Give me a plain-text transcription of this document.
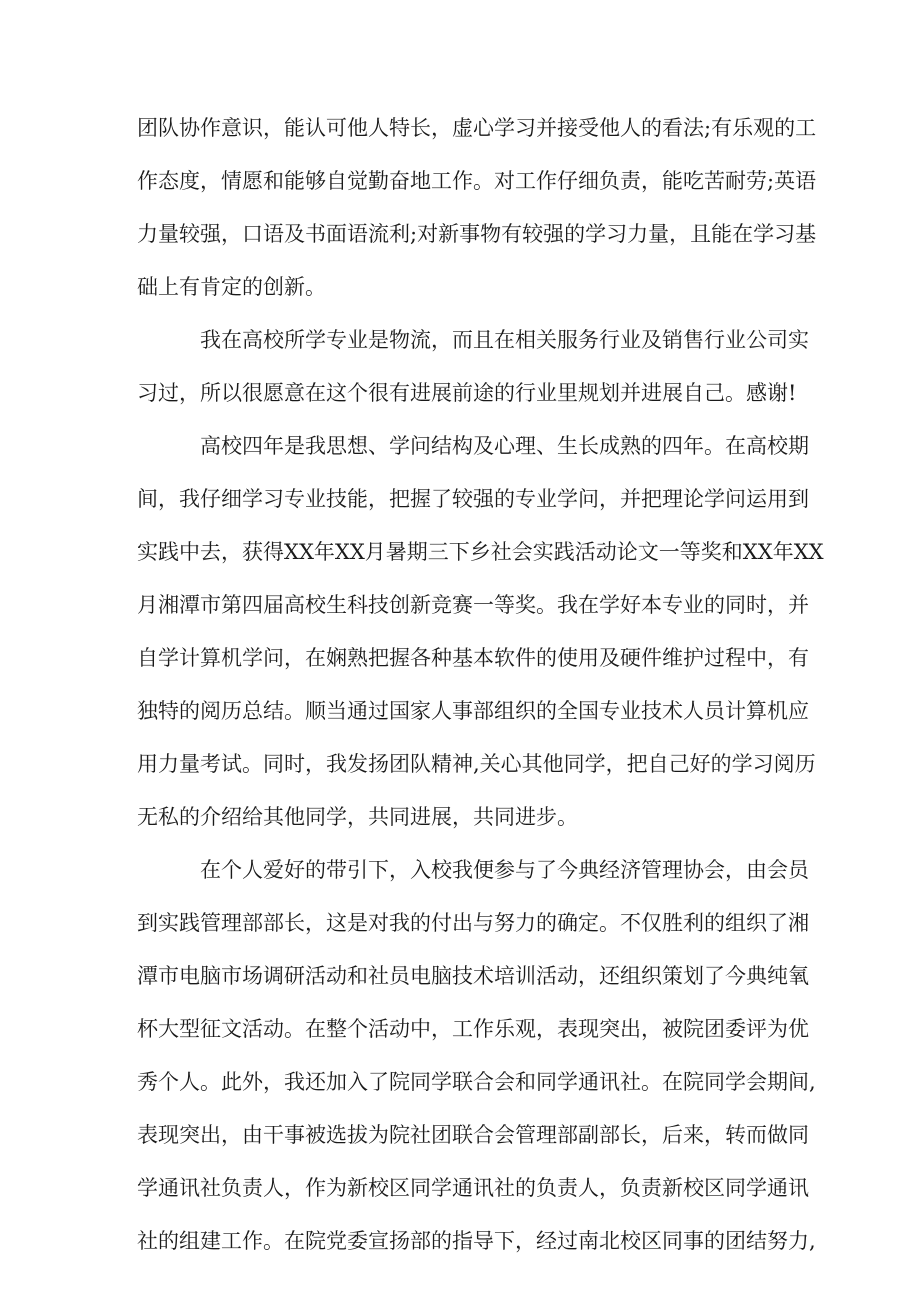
团队协作意识，能认可他人特长，虚心学习并接受他人的看法;有乐观的工
作态度，情愿和能够自觉勤奋地工作。对工作仔细负责，能吃苦耐劳;英语
力量较强，口语及书面语流利;对新事物有较强的学习力量，且能在学习基
础上有肯定的创新。
我在高校所学专业是物流，而且在相关服务行业及销售行业公司实
习过，所以很愿意在这个很有进展前途的行业里规划并进展自己。感谢!
高校四年是我思想、学问结构及心理、生长成熟的四年。在高校期
间，我仔细学习专业技能，把握了较强的专业学问，并把理论学问运用到
实践中去，获得XX年XX月暑期三下乡社会实践活动论文一等奖和XX年XX
月湘潭市第四届高校生科技创新竞赛一等奖。我在学好本专业的同时，并
自学计算机学问，在娴熟把握各种基本软件的使用及硬件维护过程中，有
独特的阅历总结。顺当通过国家人事部组织的全国专业技术人员计算机应
用力量考试。同时，我发扬团队精神,关心其他同学，把自己好的学习阅历
无私的介绍给其他同学，共同进展，共同进步。
在个人爱好的带引下，入校我便参与了今典经济管理协会，由会员
到实践管理部部长，这是对我的付出与努力的确定。不仅胜利的组织了湘
潭市电脑市场调研活动和社员电脑技术培训活动，还组织策划了今典纯氧
杯大型征文活动。在整个活动中，工作乐观，表现突出，被院团委评为优
秀个人。此外，我还加入了院同学联合会和同学通讯社。在院同学会期间,
表现突出，由干事被选拔为院社团联合会管理部副部长，后来，转而做同
学通讯社负责人，作为新校区同学通讯社的负责人，负责新校区同学通讯
社的组建工作。在院党委宣扬部的指导下，经过南北校区同事的团结努力,
